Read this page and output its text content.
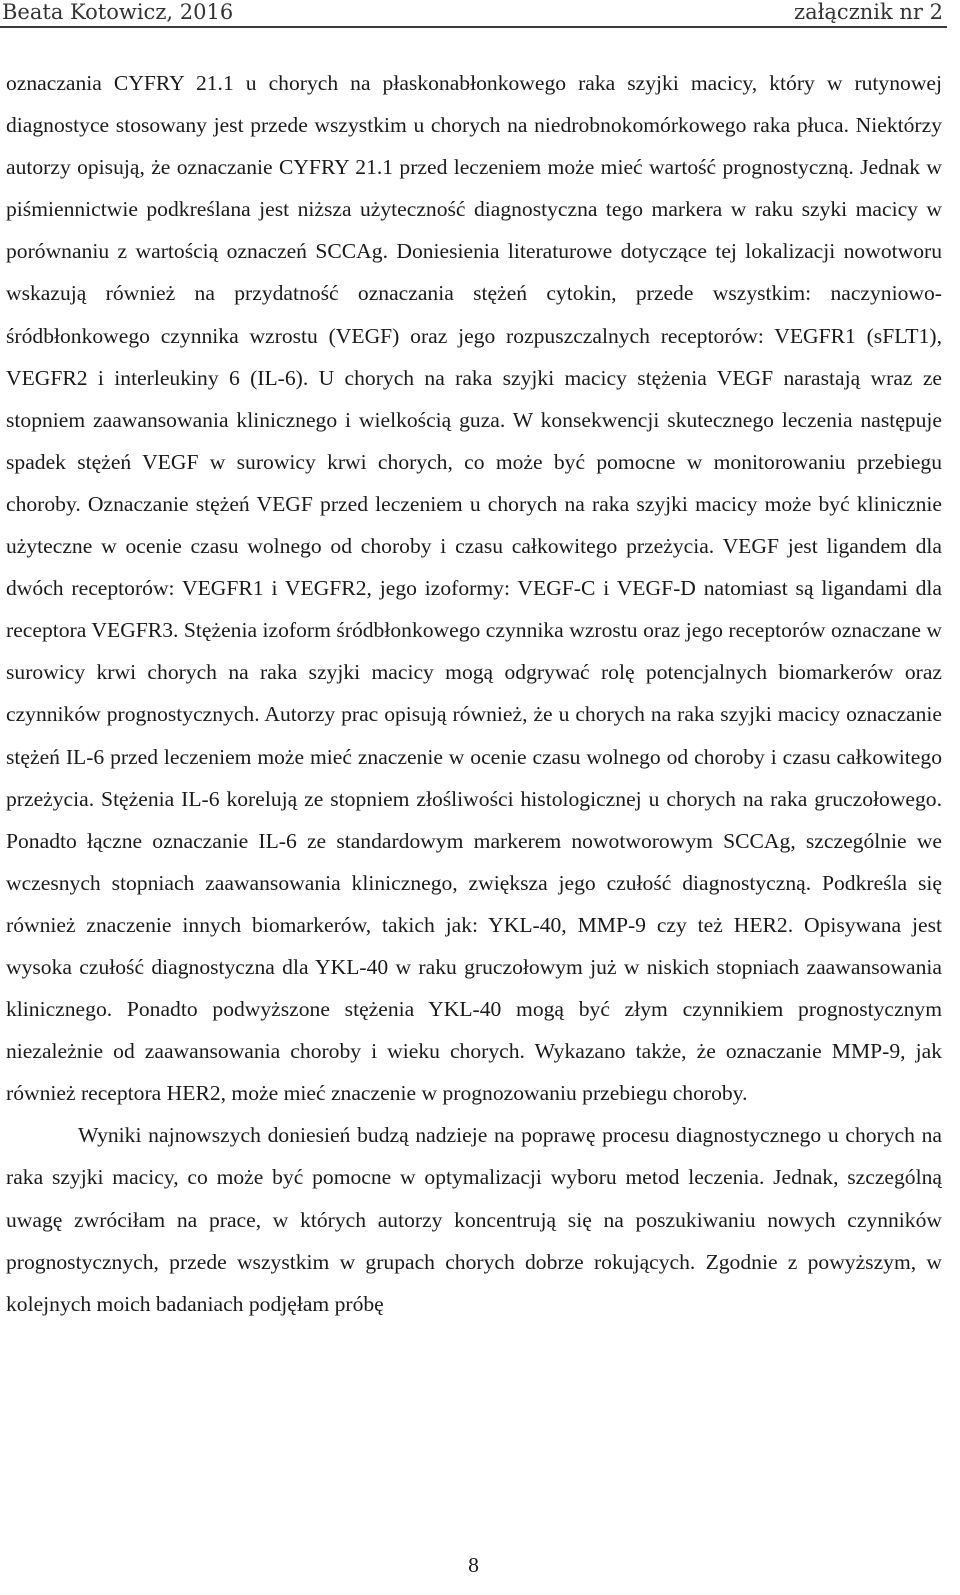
Beata Kotowicz, 2016	załącznik nr 2

oznaczania CYFRY 21.1 u chorych na płaskonabłonkowego raka szyjki macicy, który w rutynowej diagnostyce stosowany jest przede wszystkim u chorych na niedrobnokomórkowego raka płuca. Niektórzy autorzy opisują, że oznaczanie CYFRY 21.1 przed leczeniem może mieć wartość prognostyczną. Jednak w piśmiennictwie podkreślana jest niższa użyteczność diagnostyczna tego markera w raku szyki macicy w porównaniu z wartością oznaczeń SCCAg. Doniesienia literaturowe dotyczące tej lokalizacji nowotworu wskazują również na przydatność oznaczania stężeń cytokin, przede wszystkim: naczyniowo-śródbłonkowego czynnika wzrostu (VEGF) oraz jego rozpuszczalnych receptorów: VEGFR1 (sFLT1), VEGFR2 i interleukiny 6 (IL-6). U chorych na raka szyjki macicy stężenia VEGF narastają wraz ze stopniem zaawansowania klinicznego i wielkością guza. W konsekwencji skutecznego leczenia następuje spadek stężeń VEGF w surowicy krwi chorych, co może być pomocne w monitorowaniu przebiegu choroby. Oznaczanie stężeń VEGF przed leczeniem u chorych na raka szyjki macicy może być klinicznie użyteczne w ocenie czasu wolnego od choroby i czasu całkowitego przeżycia. VEGF jest ligandem dla dwóch receptorów: VEGFR1 i VEGFR2, jego izoformy: VEGF-C i VEGF-D natomiast są ligandami dla receptora VEGFR3. Stężenia izoform śródbłonkowego czynnika wzrostu oraz jego receptorów oznaczane w surowicy krwi chorych na raka szyjki macicy mogą odgrywać rolę potencjalnych biomarkerów oraz czynników prognostycznych. Autorzy prac opisują również, że u chorych na raka szyjki macicy oznaczanie stężeń IL-6 przed leczeniem może mieć znaczenie w ocenie czasu wolnego od choroby i czasu całkowitego przeżycia. Stężenia IL-6 korelują ze stopniem złośliwości histologicznej u chorych na raka gruczołowego. Ponadto łączne oznaczanie IL-6 ze standardowym markerem nowotworowym SCCAg, szczególnie we wczesnych stopniach zaawansowania klinicznego, zwiększa jego czułość diagnostyczną. Podkreśla się również znaczenie innych biomarkerów, takich jak: YKL-40, MMP-9 czy też HER2. Opisywana jest wysoka czułość diagnostyczna dla YKL-40 w raku gruczołowym już w niskich stopniach zaawansowania klinicznego. Ponadto podwyższone stężenia YKL-40 mogą być złym czynnikiem prognostycznym niezależnie od zaawansowania choroby i wieku chorych. Wykazano także, że oznaczanie MMP-9, jak również receptora HER2, może mieć znaczenie w prognozowaniu przebiegu choroby.

Wyniki najnowszych doniesień budzą nadzieje na poprawę procesu diagnostycznego u chorych na raka szyjki macicy, co może być pomocne w optymalizacji wyboru metod leczenia. Jednak, szczególną uwagę zwróciłam na prace, w których autorzy koncentrują się na poszukiwaniu nowych czynników prognostycznych, przede wszystkim w grupach chorych dobrze rokujących. Zgodnie z powyższym, w kolejnych moich badaniach podjęłam próbę

8
